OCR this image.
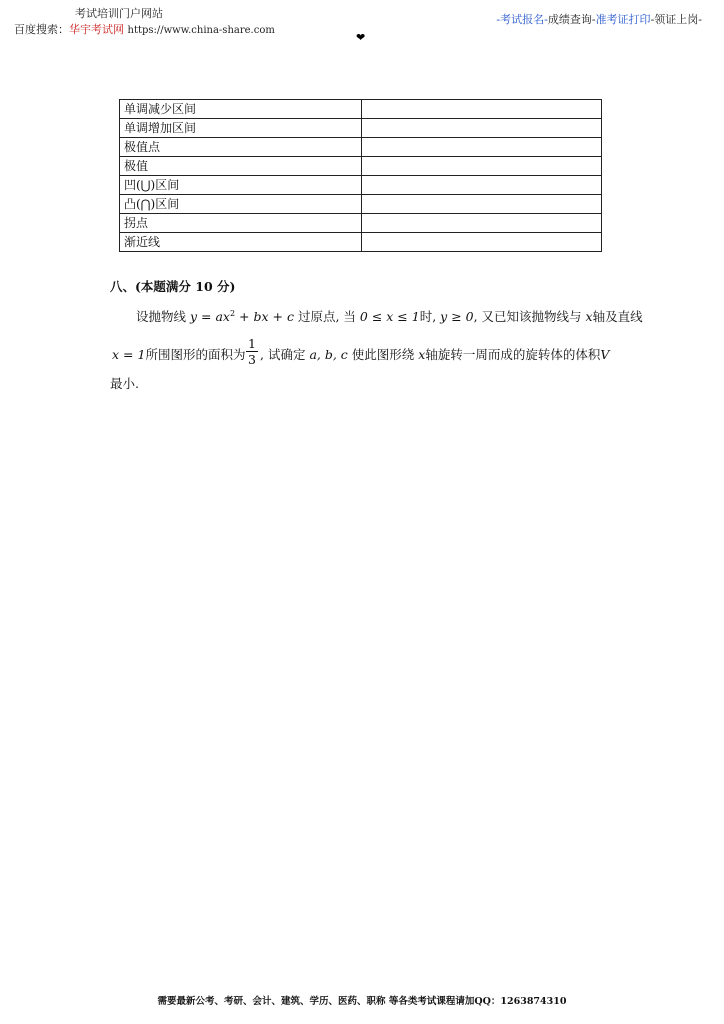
考试培训门户网站
百度搜索：华宇考试网 https://www.china-share.com
-考试报名-成绩查询-准考证打印-领证上岗-
❤
单调减少区间	
单调增加区间	
极值点	
极值	
凹(⋃)区间	
凸(⋂)区间	
拐点	
渐近线	
八、(本题满分 10 分)
设抛物线 $y = ax^2$ + bx + c 过原点, 当 0 ≤ x ≤ 1时, y ≥ 0, 又已知该抛物线与 x轴及直线
x = 1所围图形的面积为 $\frac{1}{3}$ , 试确定 a, b, c 使此图形绕 x轴旋转一周而成的旋转体的体积V
最小.
需要最新公考、考研、会计、建筑、学历、医药、职称 等各类考试课程请加QQ：1263874310
